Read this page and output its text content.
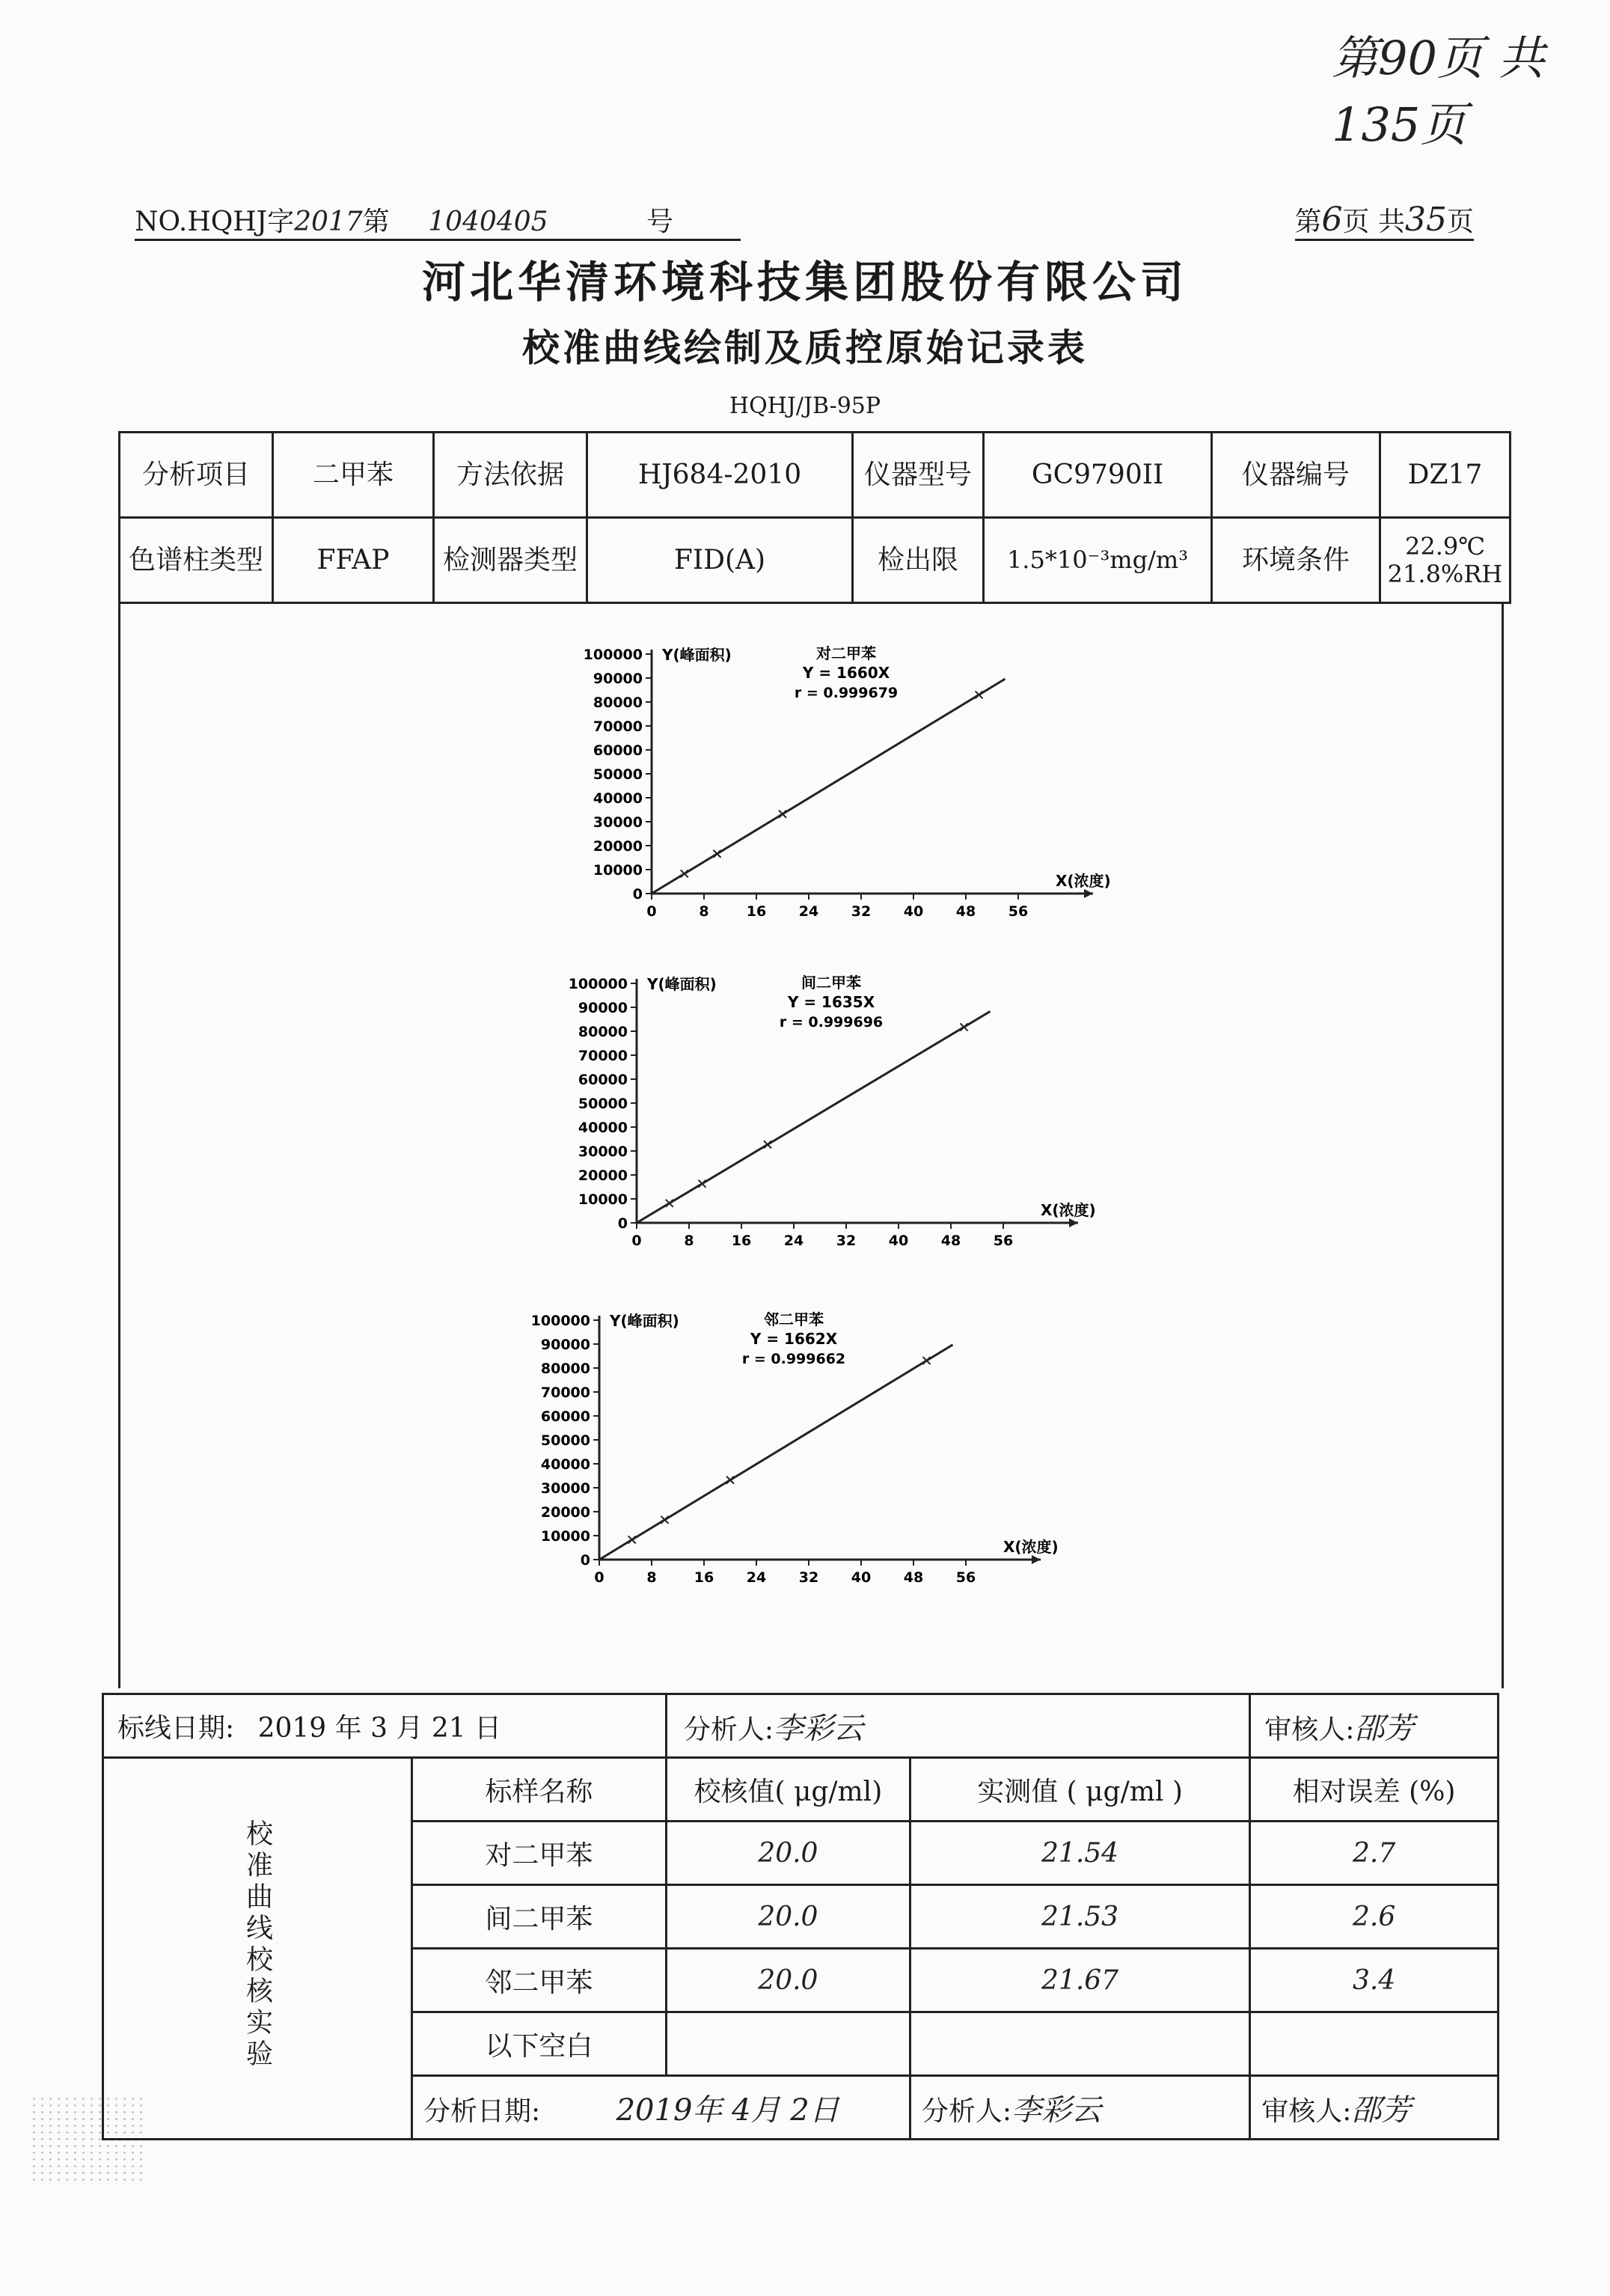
第90页 共135页
NO.HQHJ字2017第 1040405	号	第6页 共35页
河北华清环境科技集团股份有限公司
校准曲线绘制及质控原始记录表
HQHJ/JB-95P
分析项目	二甲苯	方法依据	HJ684-2010	仪器型号	GC9790II	仪器编号	DZ17
色谱柱类型	FFAP	检测器类型	FID(A)	检出限	1.5*10⁻³mg/m³	环境条件	22.9℃
21.8%RH
100000
90000
80000
70000
60000
50000
40000
30000
20000
10000
0
0	8	16 24 32 40 48 56
Y(峰面积)
X(浓度)
对二甲苯
Y = 1660X
r = 0.999679
100000
90000
80000
70000
60000
50000
40000
30000
20000
10000
0
0	8	16 24 32 40 48 56
Y(峰面积)
X(浓度)
间二甲苯
Y = 1635X
r = 0.999696
100000
90000
80000
70000
60000
50000
40000
30000
20000
10000
0
0	8	16 24 32 40 48 56
Y(峰面积)
X(浓度)
邻二甲苯
Y = 1662X
r = 0.999662
标线日期: 2019 年 3 月 21 日		分析人:李彩云		审核人:邵芳
校准曲线校核实验	标样名称	校核值( μg/ml)	实测值 ( μg/ml )	相对误差 (%)
	对二甲苯	20.0	21.54	2.7
	间二甲苯	20.0	21.53	2.6
	邻二甲苯	20.0	21.67	3.4
	以下空白			
	分析日期: 2019年 4月 2日		分析人:李彩云	审核人:邵芳
